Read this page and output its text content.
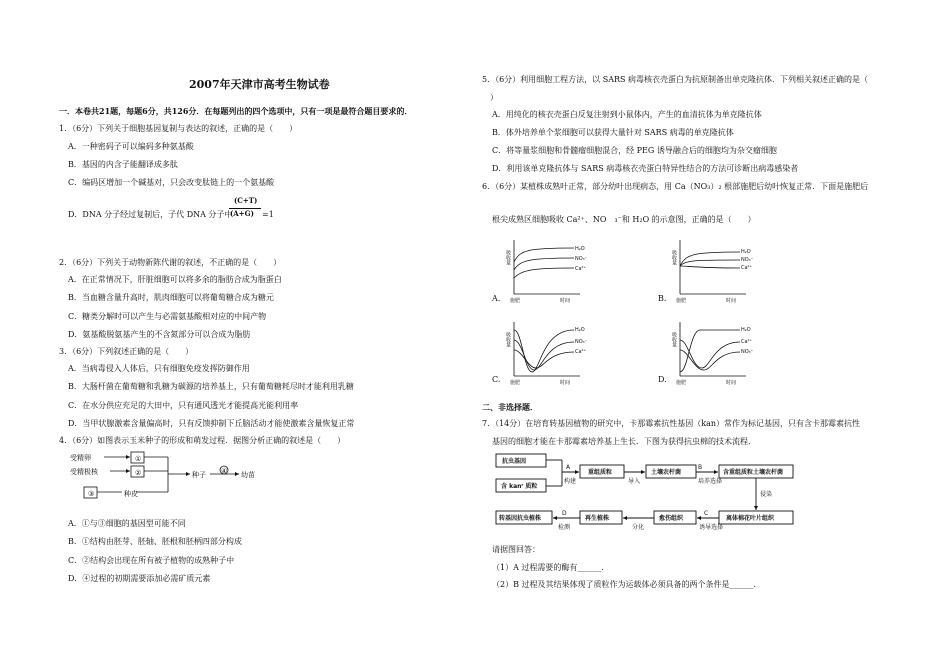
2007年天津市高考生物试卷
一．本卷共21题，每题6分，共126分．在每题列出的四个选项中，只有一项是最符合题目要求的．
1．（6分）下列关于细胞基因复制与表达的叙述，正确的是（　　）
A．一种密码子可以编码多种氨基酸
B．基因的内含子能翻译成多肽
C．编码区增加一个碱基对，只会改变肽链上的一个氨基酸
D．DNA 分子经过复制后，子代 DNA 分子中
(C+T)
(A+G) =1
2．（6分）下列关于动物新陈代谢的叙述，不正确的是（　　）
A．在正常情况下，肝脏细胞可以将多余的脂肪合成为脂蛋白
B．当血糖含量升高时，肌肉细胞可以将葡萄糖合成为糖元
C．糖类分解时可以产生与必需氨基酸相对应的中间产物
D．氨基酸脱氨基产生的不含氮部分可以合成为脂肪
3．（6分）下列叙述正确的是（　　）
A．当病毒侵入人体后，只有细胞免疫发挥防御作用
B．大肠杆菌在葡萄糖和乳糖为碳源的培养基上，只有葡萄糖耗尽时才能利用乳糖
C．在水分供应充足的大田中，只有通风透光才能提高光能利用率
D．当甲状腺激素含量偏高时，只有反馈抑制下丘脑活动才能使激素含量恢复正常
4．（6分）如图表示玉米种子的形成和萌发过程．据图分析正确的叙述是（　　）
受精卵
受精极核	种子	幼苗
种皮
①
②
③
④
A．①与③细胞的基因型可能不同
B．①结构由胚芽、胚轴、胚根和胚柄四部分构成
C．②结构会出现在所有被子植物的成熟种子中
D．④过程的初期需要添加必需矿质元素
5．（6分）利用细胞工程方法，以 SARS 病毒核衣壳蛋白为抗原制备出单克隆抗体．下列相关叙述正确的是（
）
A．用纯化的核衣壳蛋白反复注射到小鼠体内，产生的血清抗体为单克隆抗体
B．体外培养单个浆细胞可以获得大量针对 SARS 病毒的单克隆抗体
C．将等量浆细胞和骨髓瘤细胞混合，经 PEG 诱导融合后的细胞均为杂交瘤细胞
D．利用该单克隆抗体与 SARS 病毒核衣壳蛋白特异性结合的方法可诊断出病毒感染者
6．（6分）某植株成熟叶正常，部分幼叶出现病态，用 Ca（NO₃）₂ 根部施肥后幼叶恢复正常．下面是施肥后
根尖成熟区细胞吸收 Ca²⁺、NO　₃⁻和 H₂O 的示意图，正确的是（　　）
A.
H₂O
NO₃⁻
Ca²⁺
吸收量
施肥	时间	B.
H₂O
NO₃⁻
Ca²⁺
吸收量
施肥	时间
C.
H₂O
NO₃⁻
Ca²⁺
吸收量
施肥	时间	D.
H₂O
Ca²⁺
NO₃⁻
吸收量
施肥	时间
二、非选择题．
7．（14分）在培育转基因植物的研究中，卡那霉素抗性基因（kan）常作为标记基因，只有含卡那霉素抗性
基因的细胞才能在卡那霉素培养基上生长．下图为获得抗虫棉的技术流程．
抗虫基因
含 kanʳ 质粒
重组质粒	土壤农杆菌	含重组质粒土壤农杆菌
离体棉花叶片组织
愈伤组织
再生植株
转基因抗虫植株
A
构建	导入
B
培养选择
侵染
C
诱导选择
分化
D
检测
请据图回答：
（1）A 过程需要的酶有______．
（2）B 过程及其结果体现了质粒作为运载体必须具备的两个条件是______．
